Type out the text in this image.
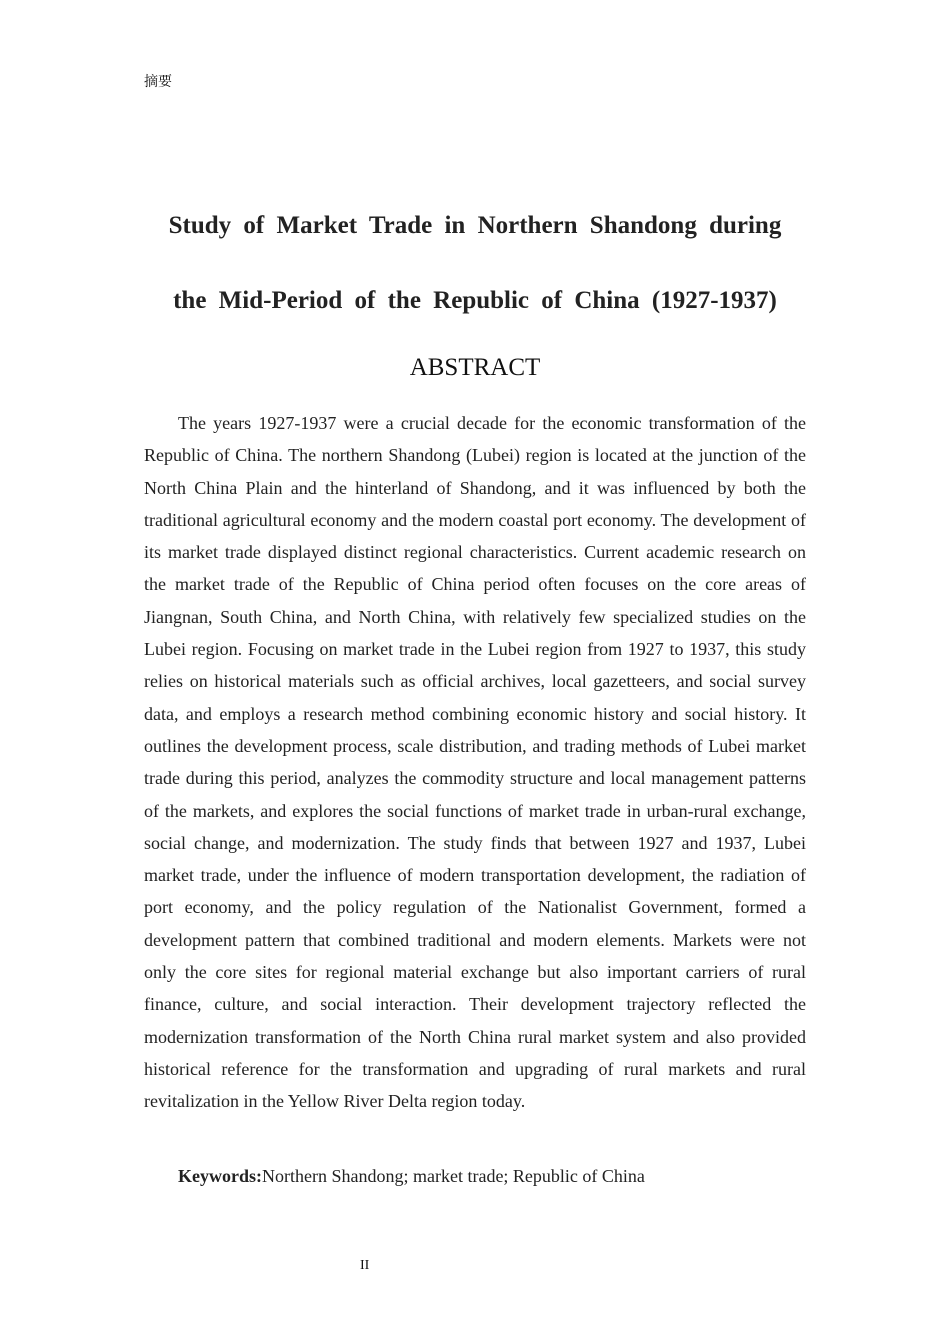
摘要
Study of Market Trade in Northern Shandong during
the Mid-Period of the Republic of China (1927-1937)
ABSTRACT

The years 1927-1937 were a crucial decade for the economic transformation of the Republic of China. The northern Shandong (Lubei) region is located at the junction of the North China Plain and the hinterland of Shandong, and it was influenced by both the traditional agricultural economy and the modern coastal port economy. The development of its market trade displayed distinct regional characteristics. Current academic research on the market trade of the Republic of China period often focuses on the core areas of Jiangnan, South China, and North China, with relatively few specialized studies on the Lubei region. Focusing on market trade in the Lubei region from 1927 to 1937, this study relies on historical materials such as official archives, local gazetteers, and social survey data, and employs a research method combining economic history and social history. It outlines the development process, scale distribution, and trading methods of Lubei market trade during this period, analyzes the commodity structure and local management patterns of the markets, and explores the social functions of market trade in urban-rural exchange, social change, and modernization. The study finds that between 1927 and 1937, Lubei market trade, under the influence of modern transportation development, the radiation of port economy, and the policy regulation of the Nationalist Government, formed a development pattern that combined traditional and modern elements. Markets were not only the core sites for regional material exchange but also important carriers of rural finance, culture, and social interaction. Their development trajectory reflected the modernization transformation of the North China rural market system and also provided historical reference for the transformation and upgrading of rural markets and rural revitalization in the Yellow River Delta region today.

Keywords:Northern Shandong; market trade; Republic of China

II
